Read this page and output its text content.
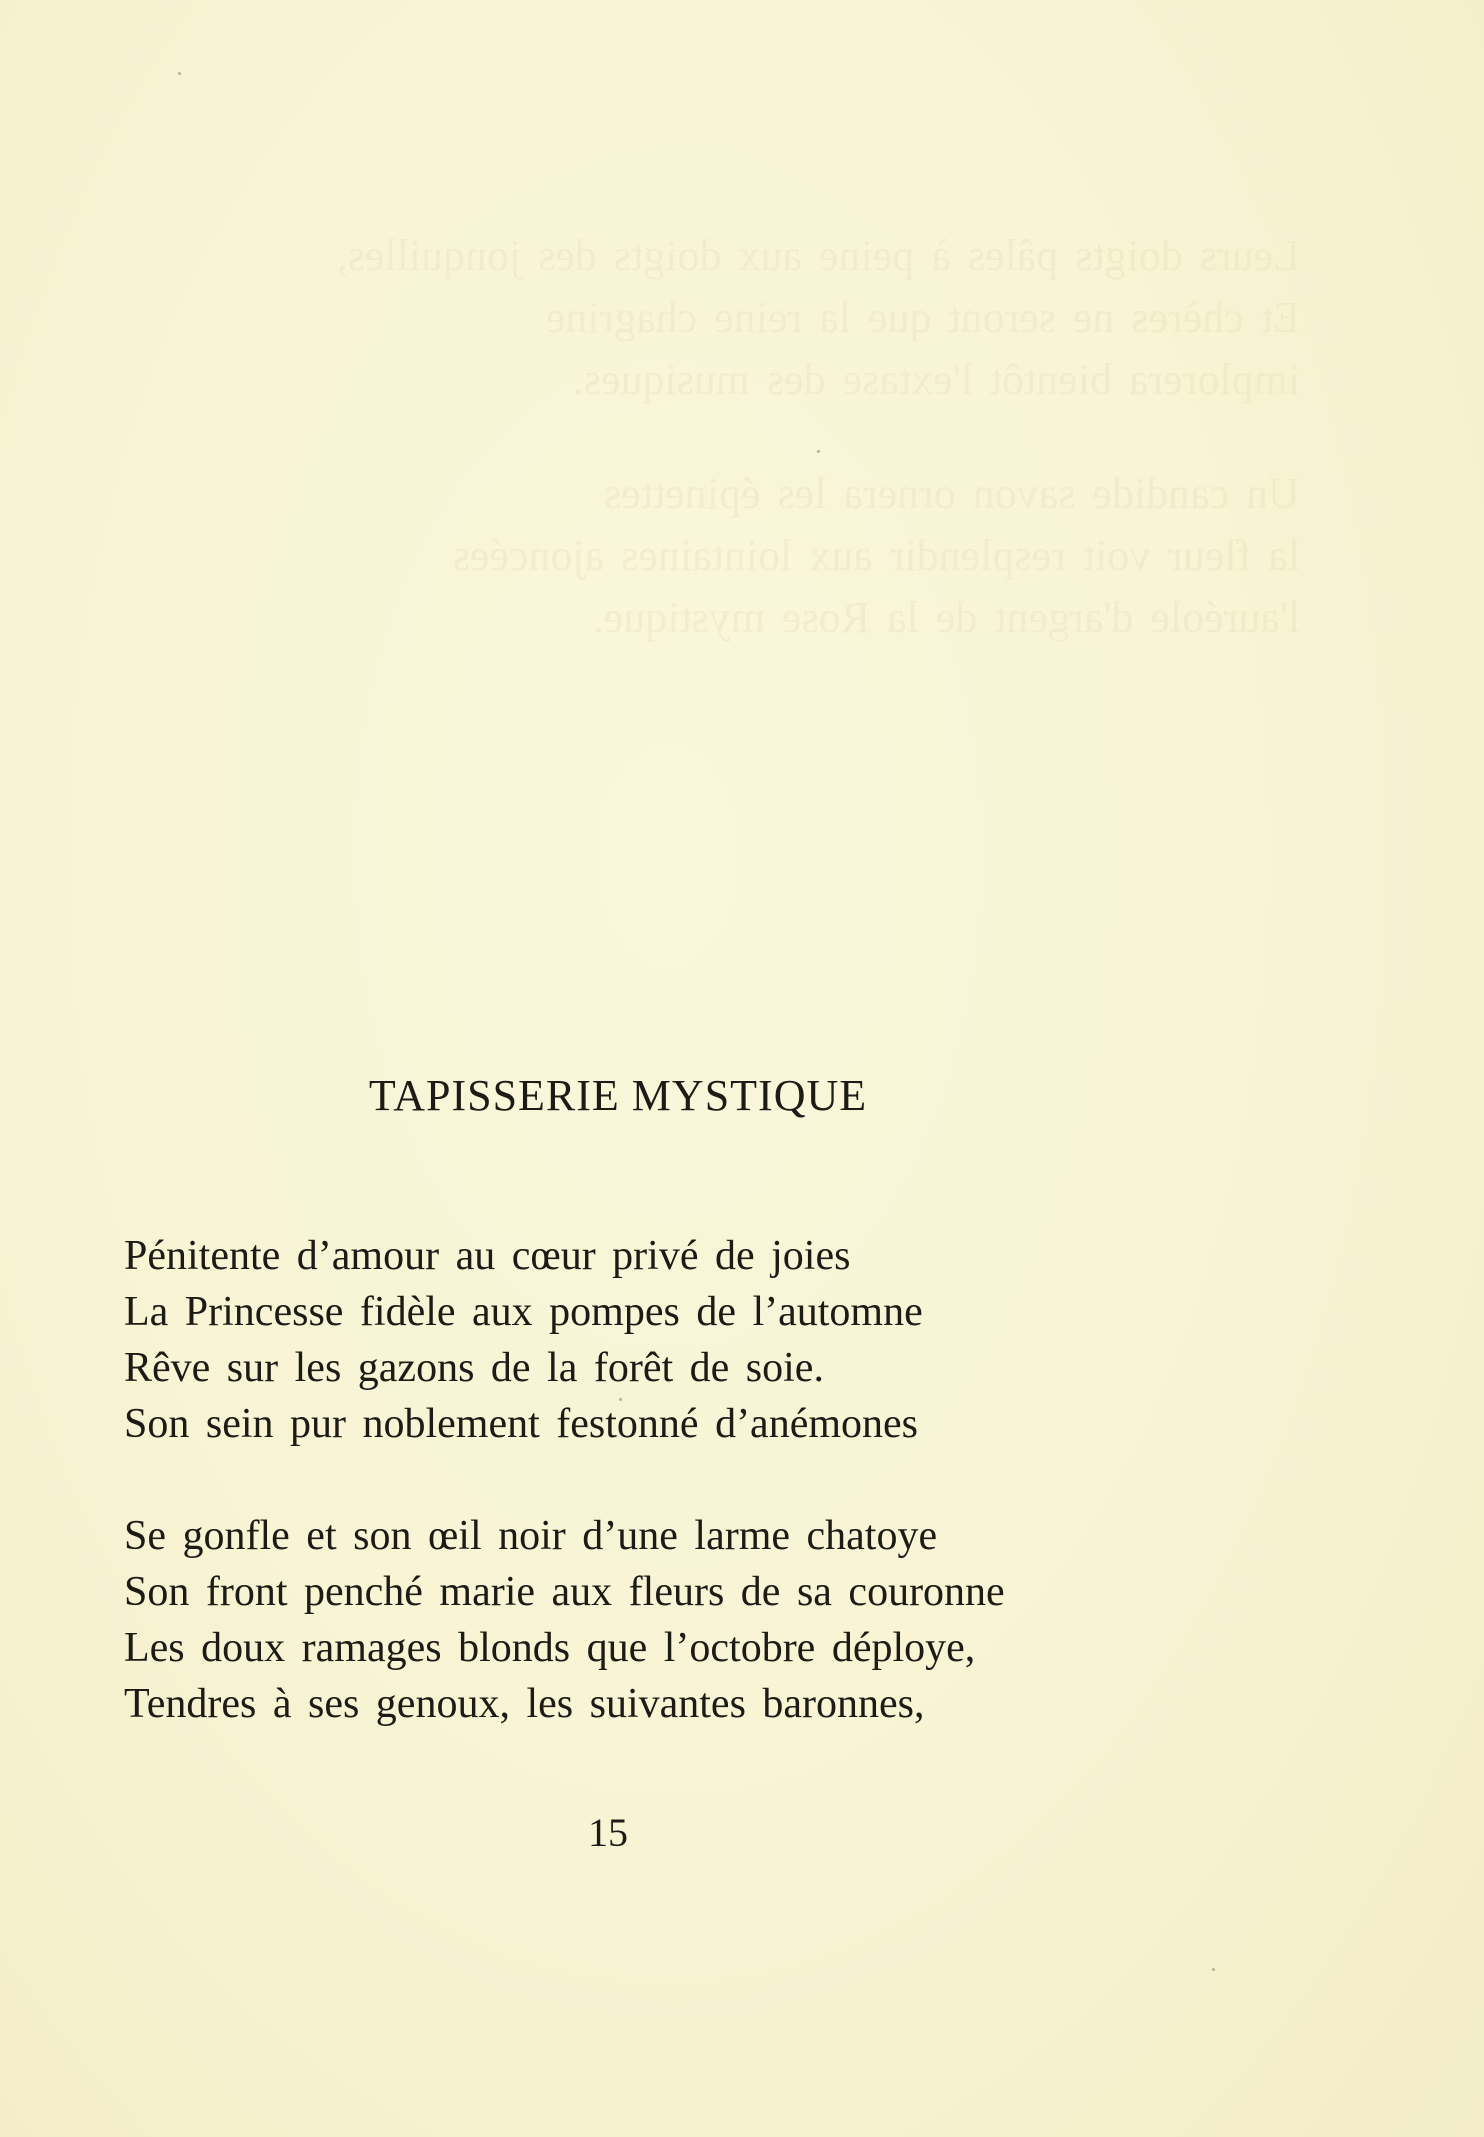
Leurs doigts pâles à peine aux doigts des jonquilles,
Et chères ne seront que la reine chagrine
implorera bientôt l'extase des musiques.
Un candide savon ornera les épinettes
la fleur voit resplendir aux lointaines ajoncées
l'auréole d'argent de la Rose mystique.
TAPISSERIE MYSTIQUE
Pénitente d’amour au cœur privé de joies
La Princesse fidèle aux pompes de l’automne
Rêve sur les gazons de la forêt de soie.
Son sein pur noblement festonné d’anémones
Se gonfle et son œil noir d’une larme chatoye
Son front penché marie aux fleurs de sa couronne
Les doux ramages blonds que l’octobre déploye,
Tendres à ses genoux, les suivantes baronnes,
15
